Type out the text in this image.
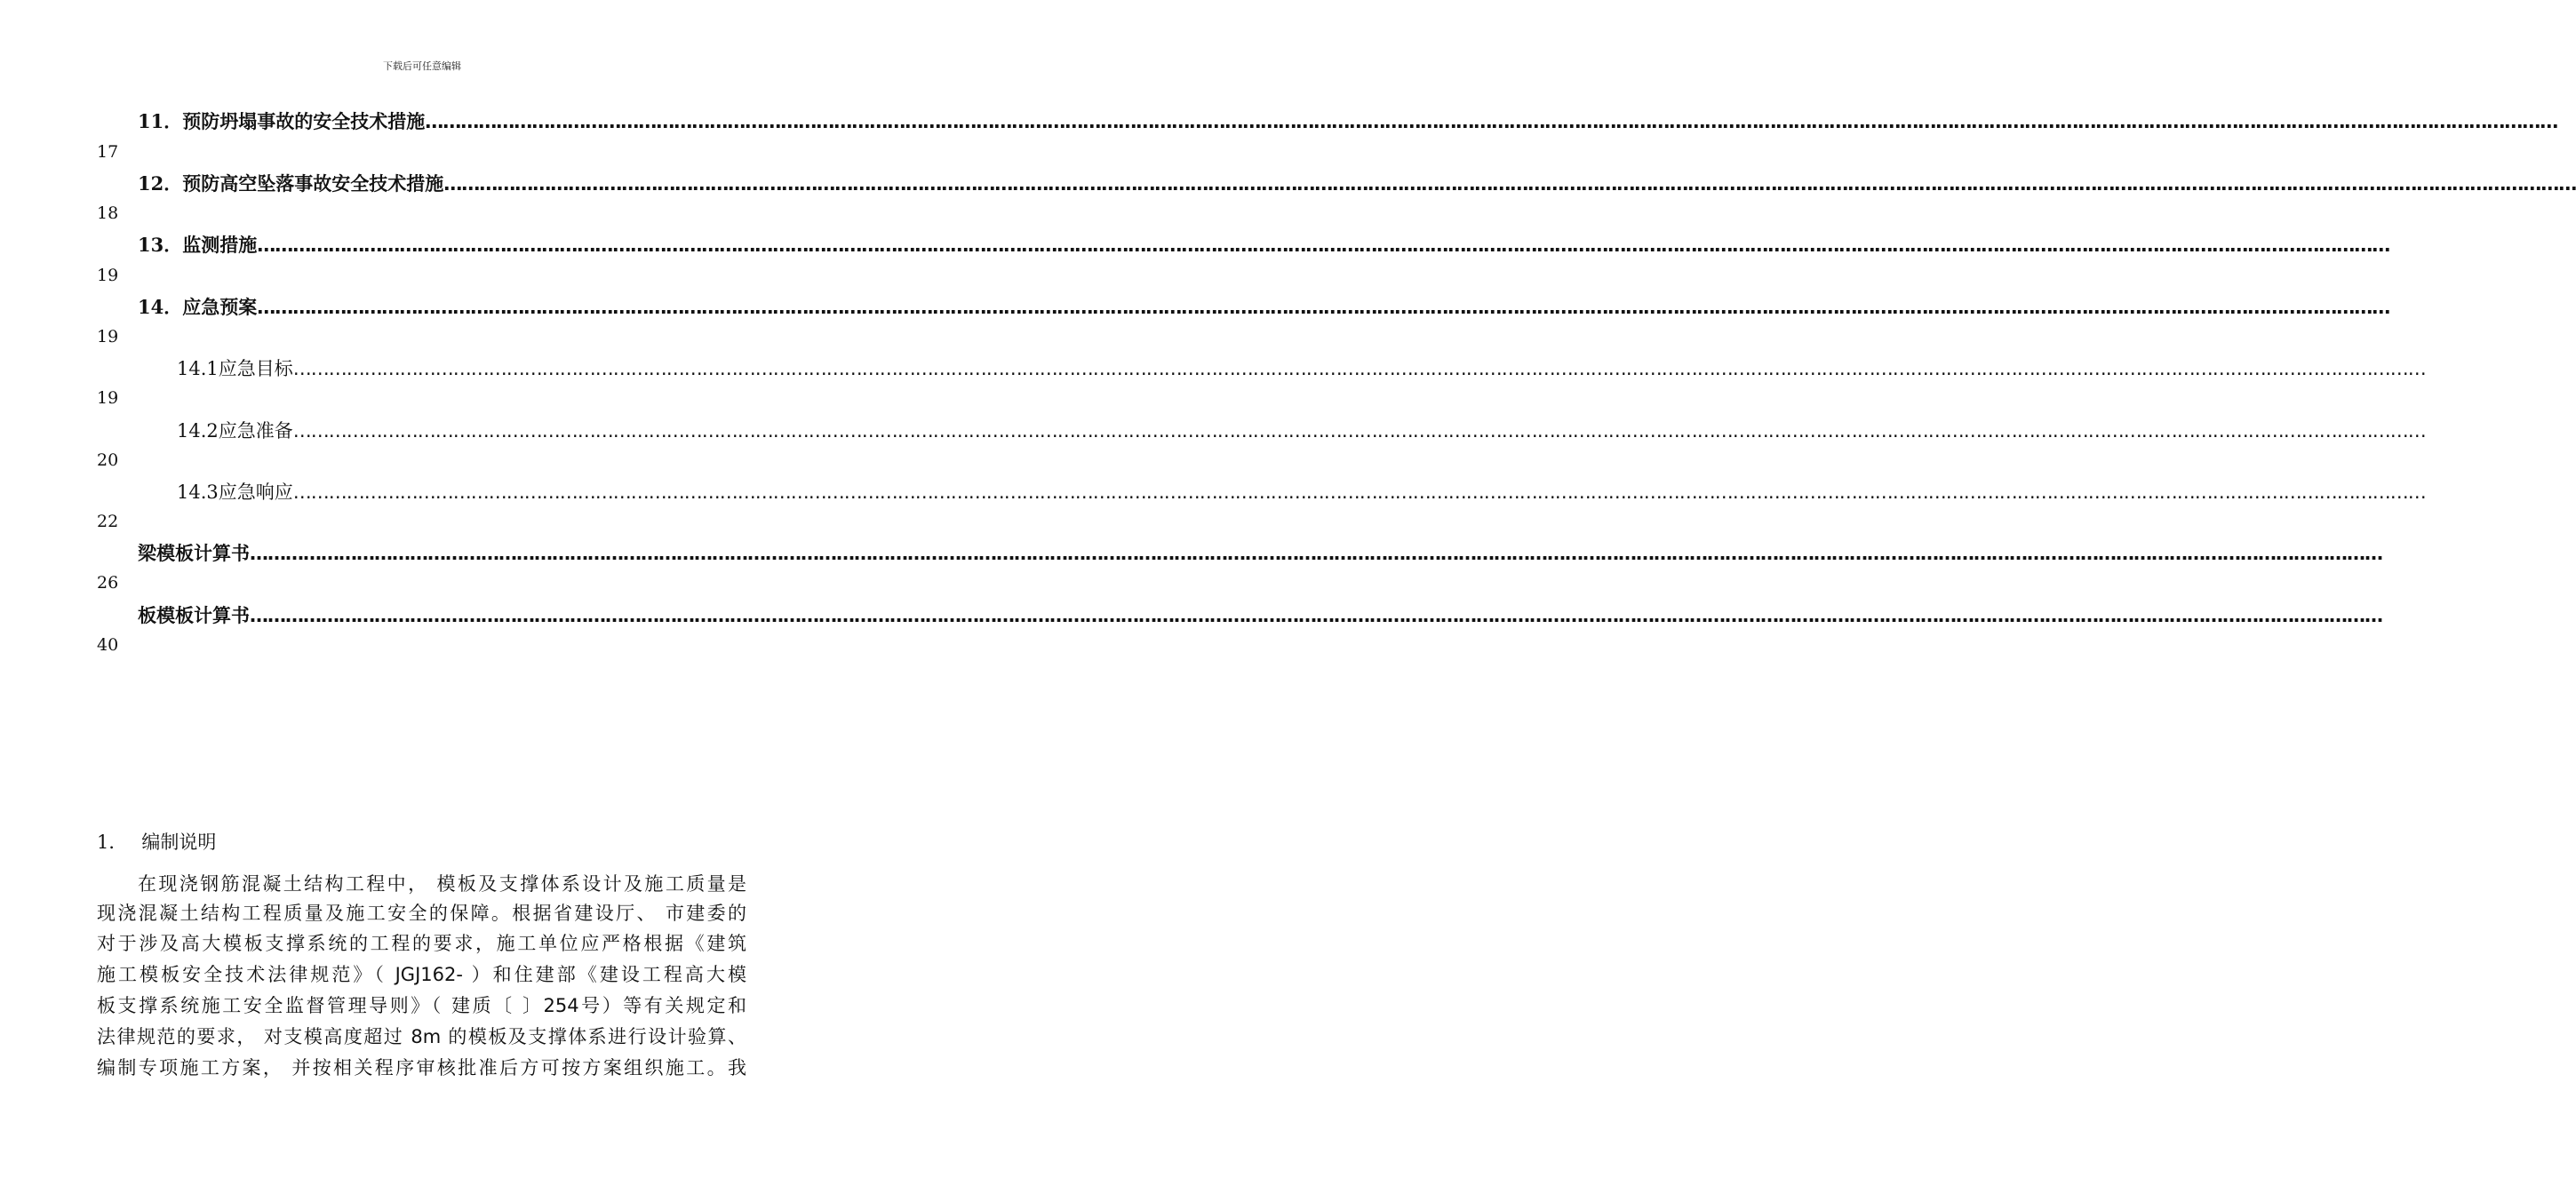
下载后可任意编辑
11．预防坍塌事故的安全技术措施………………………………………………………………………………………………………………………………………………………………………………………………………………………………………………………………………………………………………………………………
17
12．预防高空坠落事故安全技术措施………………………………………………………………………………………………………………………………………………………………………………………………………………………………………………………………………………………………………………………………
18
13．监测措施………………………………………………………………………………………………………………………………………………………………………………………………………………………………………………………………………………………………………………………………
19
14．应急预案………………………………………………………………………………………………………………………………………………………………………………………………………………………………………………………………………………………………………………………………
19
14.1应急目标………………………………………………………………………………………………………………………………………………………………………………………………………………………………………………………………………………………………………………………………
19
14.2应急准备………………………………………………………………………………………………………………………………………………………………………………………………………………………………………………………………………………………………………………………………
20
14.3应急响应………………………………………………………………………………………………………………………………………………………………………………………………………………………………………………………………………………………………………………………………
22
梁模板计算书………………………………………………………………………………………………………………………………………………………………………………………………………………………………………………………………………………………………………………………………
26
板模板计算书………………………………………………………………………………………………………………………………………………………………………………………………………………………………………………………………………………………………………………………………
40
1． 编制说明
在现浇钢筋混凝土结构工程中， 模板及支撑体系设计及施工质量是
现浇混凝土结构工程质量及施工安全的保障。根据省建设厅、 市建委的
对于涉及高大模板支撑系统的工程的要求，施工单位应严格根据《建筑
施工模板安全技术法律规范》（ JGJ162- ）和住建部《建设工程高大模
板支撑系统施工安全监督管理导则》（ 建质〔 〕254号）等有关规定和
法律规范的要求， 对支模高度超过 8m 的模板及支撑体系进行设计验算、
编制专项施工方案， 并按相关程序审核批准后方可按方案组织施工。我
